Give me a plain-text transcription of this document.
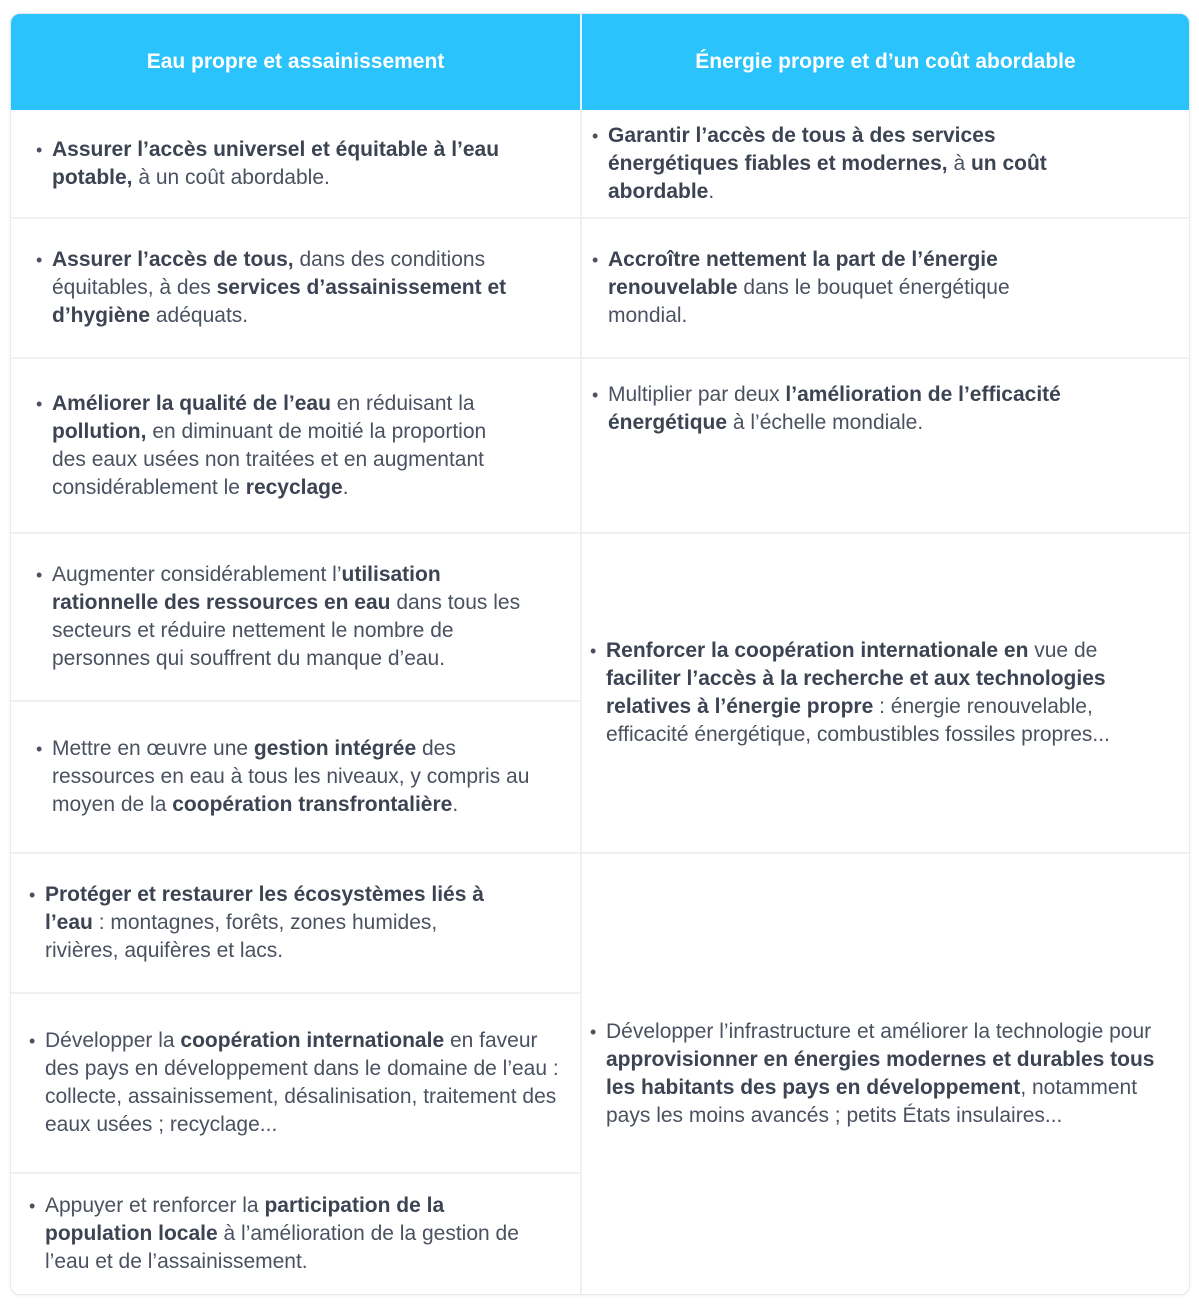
Eau propre et assainissement	Énergie propre et d’un coût abordable
• Assurer l’accès universel et équitable à l’eau potable, à un coût abordable.
• Assurer l’accès de tous, dans des conditions équitables, à des services d’assainissement et d’hygiène adéquats.
• Améliorer la qualité de l’eau en réduisant la pollution, en diminuant de moitié la proportion des eaux usées non traitées et en augmentant considérablement le recyclage.
• Augmenter considérablement l’utilisation rationnelle des ressources en eau dans tous les secteurs et réduire nettement le nombre de personnes qui souffrent du manque d’eau.
• Mettre en œuvre une gestion intégrée des ressources en eau à tous les niveaux, y compris au moyen de la coopération transfrontalière.
• Protéger et restaurer les écosystèmes liés à l’eau : montagnes, forêts, zones humides, rivières, aquifères et lacs.
• Développer la coopération internationale en faveur des pays en développement dans le domaine de l’eau : collecte, assainissement, désalinisation, traitement des eaux usées ; recyclage...
• Appuyer et renforcer la participation de la population locale à l’amélioration de la gestion de l’eau et de l’assainissement.
• Garantir l’accès de tous à des services énergétiques fiables et modernes, à un coût abordable.
• Accroître nettement la part de l’énergie renouvelable dans le bouquet énergétique mondial.
• Multiplier par deux l’amélioration de l’efficacité énergétique à l’échelle mondiale.
• Renforcer la coopération internationale en vue de faciliter l’accès à la recherche et aux technologies relatives à l’énergie propre : énergie renouvelable, efficacité énergétique, combustibles fossiles propres...
• Développer l’infrastructure et améliorer la technologie pour approvisionner en énergies modernes et durables tous les habitants des pays en développement, notamment pays les moins avancés ; petits États insulaires...
